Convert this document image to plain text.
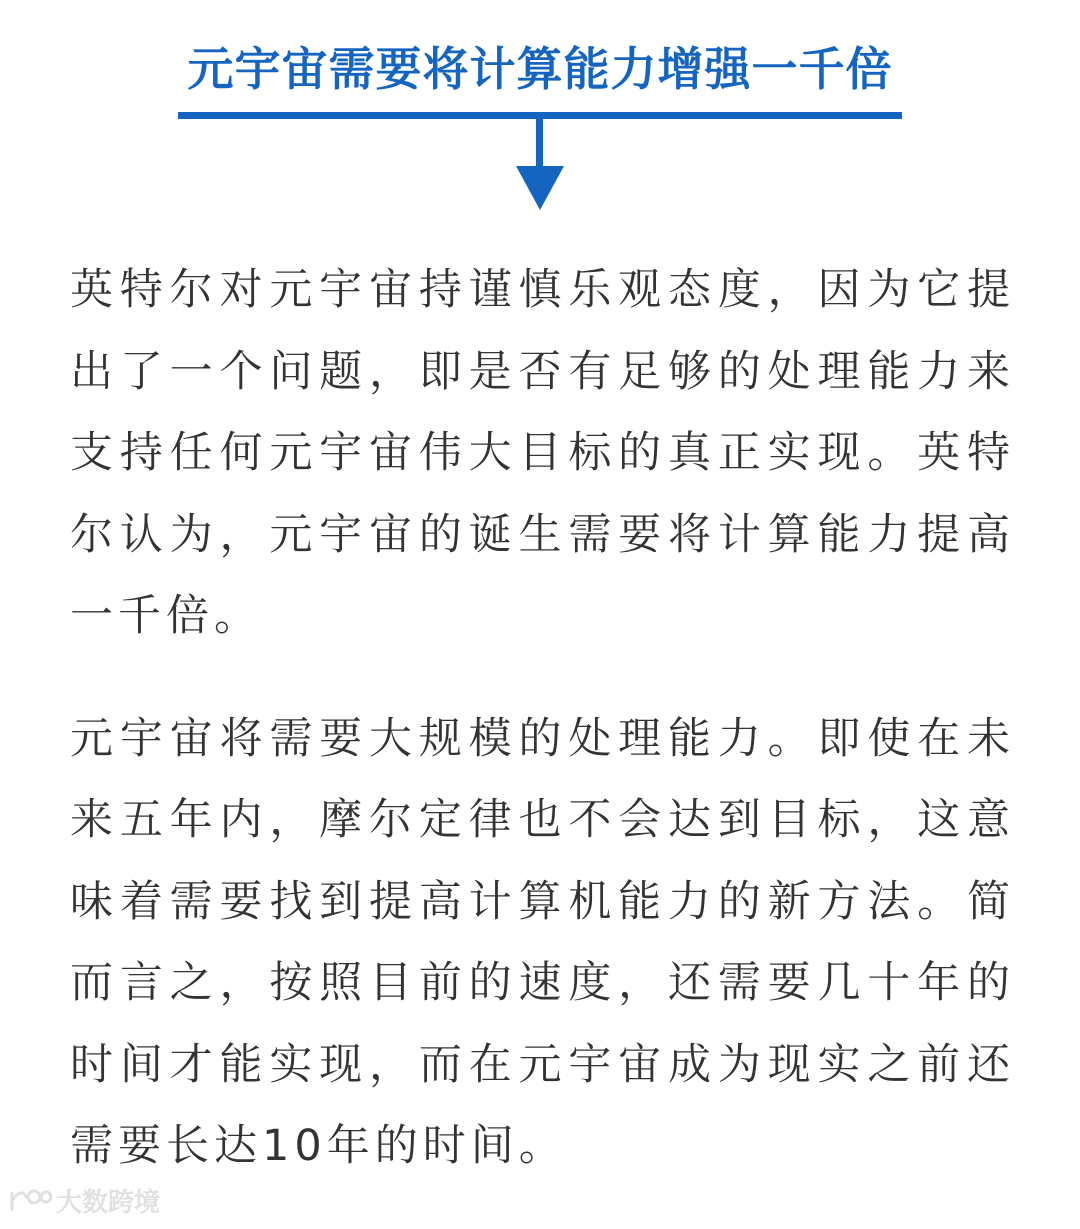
元宇宙需要将计算能力增强一千倍

英特尔对元宇宙持谨慎乐观态度，因为它提出了一个问题，即是否有足够的处理能力来支持任何元宇宙伟大目标的真正实现。英特尔认为，元宇宙的诞生需要将计算能力提高一千倍。

元宇宙将需要大规模的处理能力。即使在未来五年内，摩尔定律也不会达到目标，这意味着需要找到提高计算机能力的新方法。简而言之，按照目前的速度，还需要几十年的时间才能实现，而在元宇宙成为现实之前还需要长达10年的时间。

大数跨境
